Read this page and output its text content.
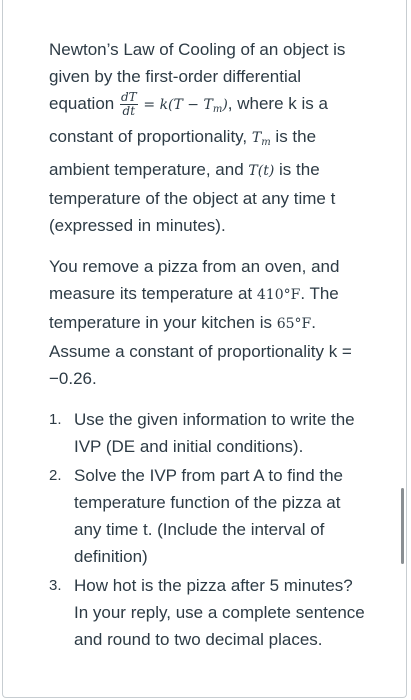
Newton’s Law of Cooling of an object is given by the first-order differential equation $\frac{dT}{dt} = k(T - T_m)$, where k is a constant of proportionality, $T_m$ is the ambient temperature, and T(t) is the temperature of the object at any time t (expressed in minutes).

You remove a pizza from an oven, and measure its temperature at 410°F. The temperature in your kitchen is 65°F. Assume a constant of proportionality k = −0.26.

1. Use the given information to write the IVP (DE and initial conditions).
2. Solve the IVP from part A to find the temperature function of the pizza at any time t. (Include the interval of definition)
3. How hot is the pizza after 5 minutes? In your reply, use a complete sentence and round to two decimal places.
